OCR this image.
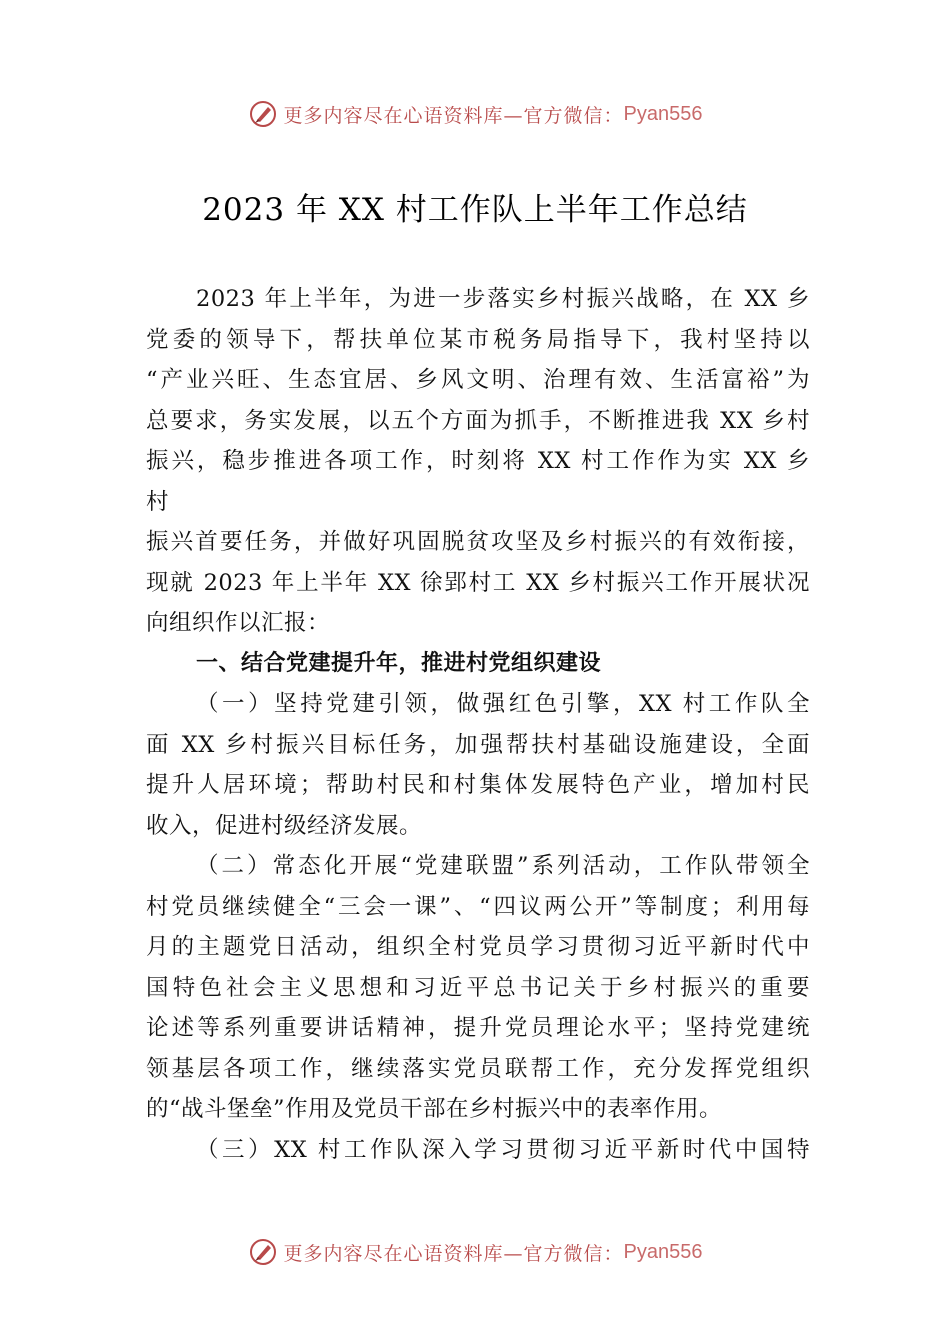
更多内容尽在心语资料库—官方微信： Pyan556
2023 年 XX 村工作队上半年工作总结
2023 年上半年，为进一步落实乡村振兴战略，在 XX 乡
党委的领导下，帮扶单位某市税务局指导下，我村坚持以
“产业兴旺、生态宜居、乡风文明、治理有效、生活富裕”为
总要求，务实发展，以五个方面为抓手，不断推进我 XX 乡村
振兴，稳步推进各项工作，时刻将 XX 村工作作为实 XX 乡
村
振兴首要任务，并做好巩固脱贫攻坚及乡村振兴的有效衔接，
现就 2023 年上半年 XX 徐郢村工 XX 乡村振兴工作开展状况
向组织作以汇报：
一、结合党建提升年，推进村党组织建设
（一）坚持党建引领，做强红色引擎，XX 村工作队全
面 XX 乡村振兴目标任务，加强帮扶村基础设施建设，全面
提升人居环境；帮助村民和村集体发展特色产业，增加村民
收入，促进村级经济发展。
（二）常态化开展“党建联盟”系列活动，工作队带领全
村党员继续健全“三会一课”、“四议两公开”等制度；利用每
月的主题党日活动，组织全村党员学习贯彻习近平新时代中
国特色社会主义思想和习近平总书记关于乡村振兴的重要
论述等系列重要讲话精神，提升党员理论水平；坚持党建统
领基层各项工作，继续落实党员联帮工作，充分发挥党组织
的“战斗堡垒”作用及党员干部在乡村振兴中的表率作用。
（三）XX 村工作队深入学习贯彻习近平新时代中国特
更多内容尽在心语资料库—官方微信： Pyan556
